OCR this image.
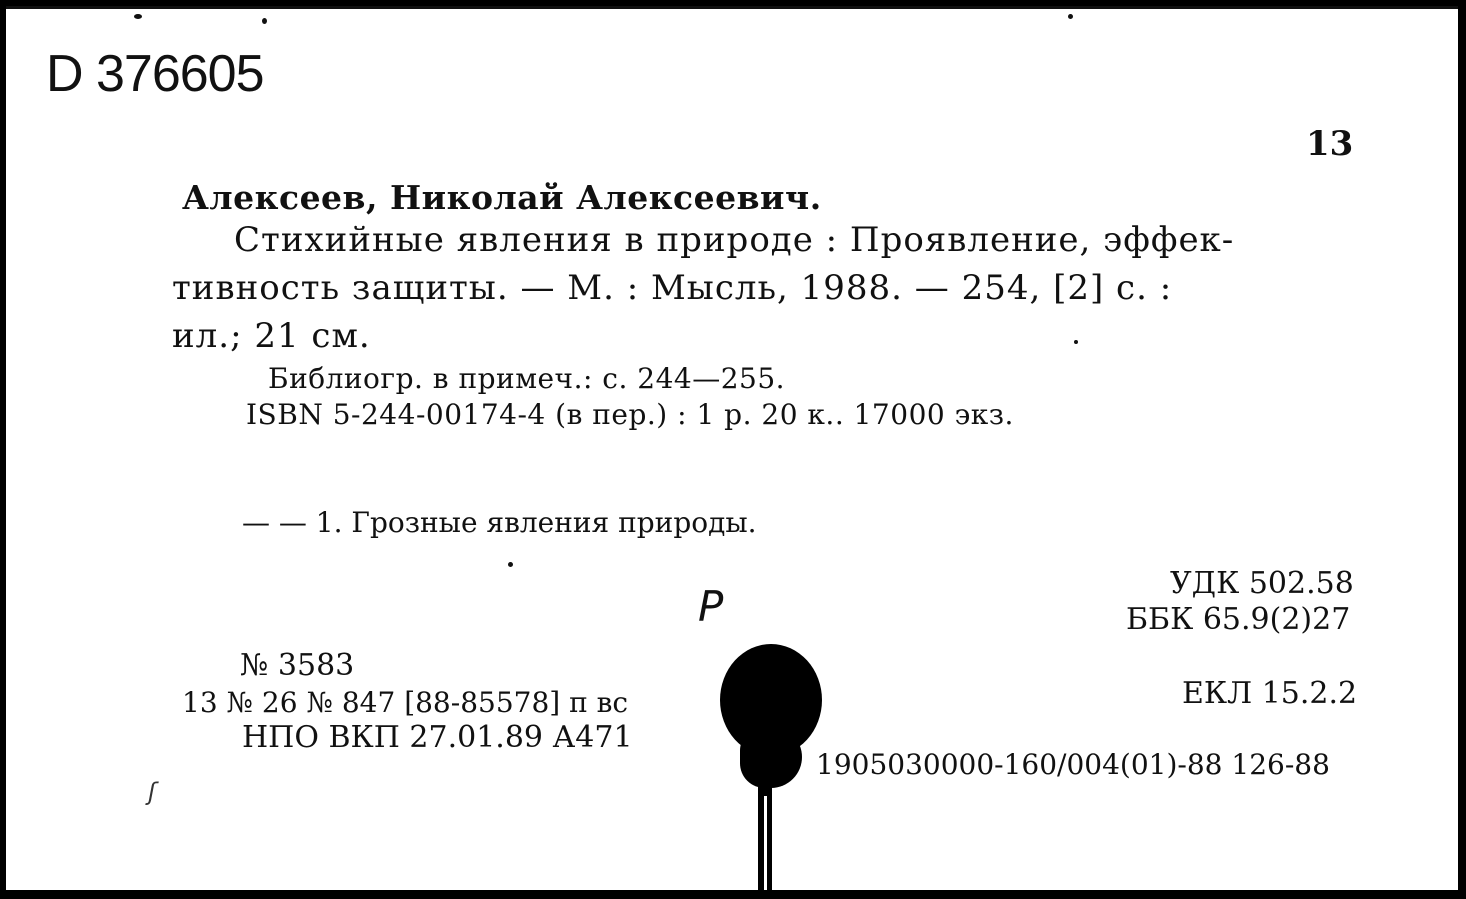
D 376605

13

Алексеев, Николай Алексеевич.

Стихийные явления в природе : Проявление, эффек-

тивность защиты. — М. : Мысль, 1988. — 254, [2] с. :

ил.; 21 см.

Библиогр. в примеч.: с. 244—255.

ISBN 5-244-00174-4 (в пер.) : 1 р. 20 к.. 17000 экз.

— — 1. Грозные явления природы.

УДК 502.58

ББК 65.9(2)27

ЕКЛ 15.2.2

1905030000-160/004(01)-88 126-88

№ 3583

13 № 26 № 847 [88-85578] п вс

НПО ВКП 27.01.89 А471

Р

ʃ
